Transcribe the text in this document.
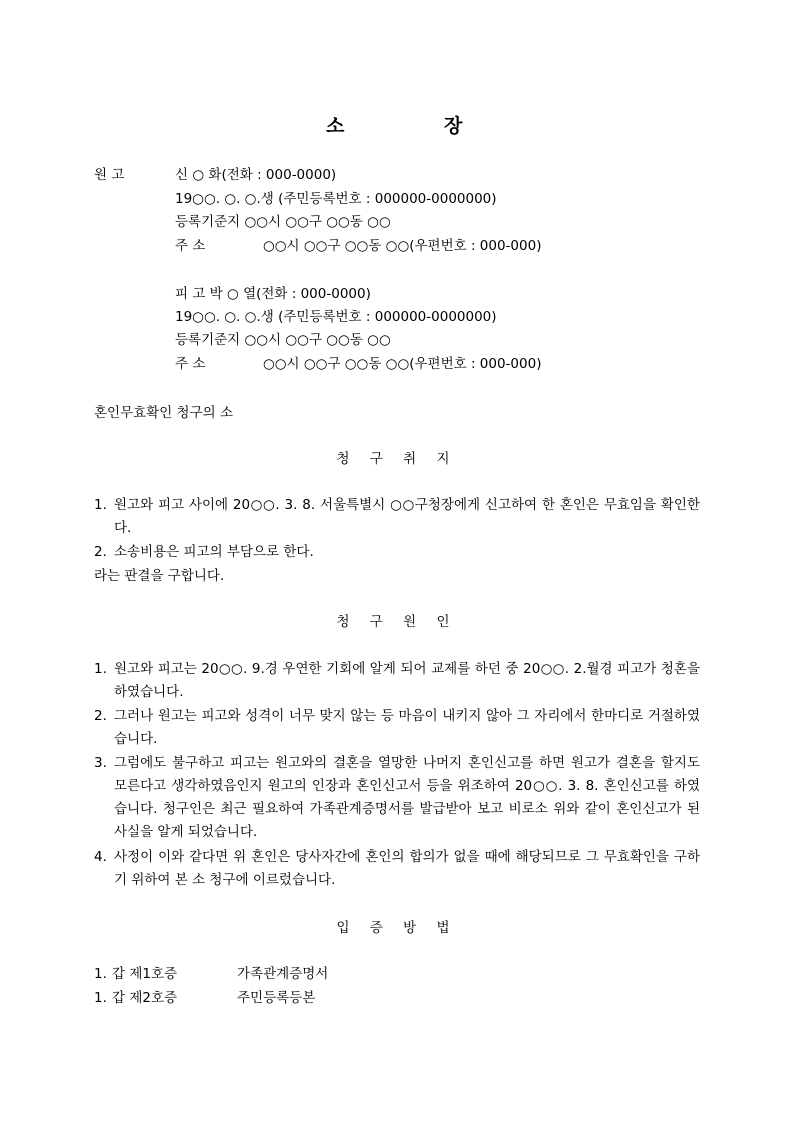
소	장
원 고	신 ○ 화(전화 : 000-0000)
19○○. ○. ○.생 (주민등록번호 : 000000-0000000)
등록기준지 ○○시 ○○구 ○○동 ○○
주 소	○○시 ○○구 ○○동 ○○(우편번호 : 000-000)
피 고 박 ○ 열(전화 : 000-0000)
19○○. ○. ○.생 (주민등록번호 : 000000-0000000)
등록기준지 ○○시 ○○구 ○○동 ○○
주 소	○○시 ○○구 ○○동 ○○(우편번호 : 000-000)
혼인무효확인 청구의 소
청 구 취 지
1. 원고와 피고 사이에 20○○. 3. 8. 서울특별시 ○○구청장에게 신고하여 한 혼인은 무효임을 확인한다.
2. 소송비용은 피고의 부담으로 한다.
라는 판결을 구합니다.
청 구 원 인
1. 원고와 피고는 20○○. 9.경 우연한 기회에 알게 되어 교제를 하던 중 20○○. 2.월경 피고가 청혼을 하였습니다.
2. 그러나 원고는 피고와 성격이 너무 맞지 않는 등 마음이 내키지 않아 그 자리에서 한마디로 거절하였습니다.
3. 그럼에도 불구하고 피고는 원고와의 결혼을 열망한 나머지 혼인신고를 하면 원고가 결혼을 할지도 모른다고 생각하였음인지 원고의 인장과 혼인신고서 등을 위조하여 20○○. 3. 8. 혼인신고를 하였습니다. 청구인은 최근 필요하여 가족관계증명서를 발급받아 보고 비로소 위와 같이 혼인신고가 된 사실을 알게 되었습니다.
4. 사정이 이와 같다면 위 혼인은 당사자간에 혼인의 합의가 없을 때에 해당되므로 그 무효확인을 구하기 위하여 본 소 청구에 이르렀습니다.
입 증 방 법
1. 갑 제1호증	가족관계증명서
1. 갑 제2호증	주민등록등본
